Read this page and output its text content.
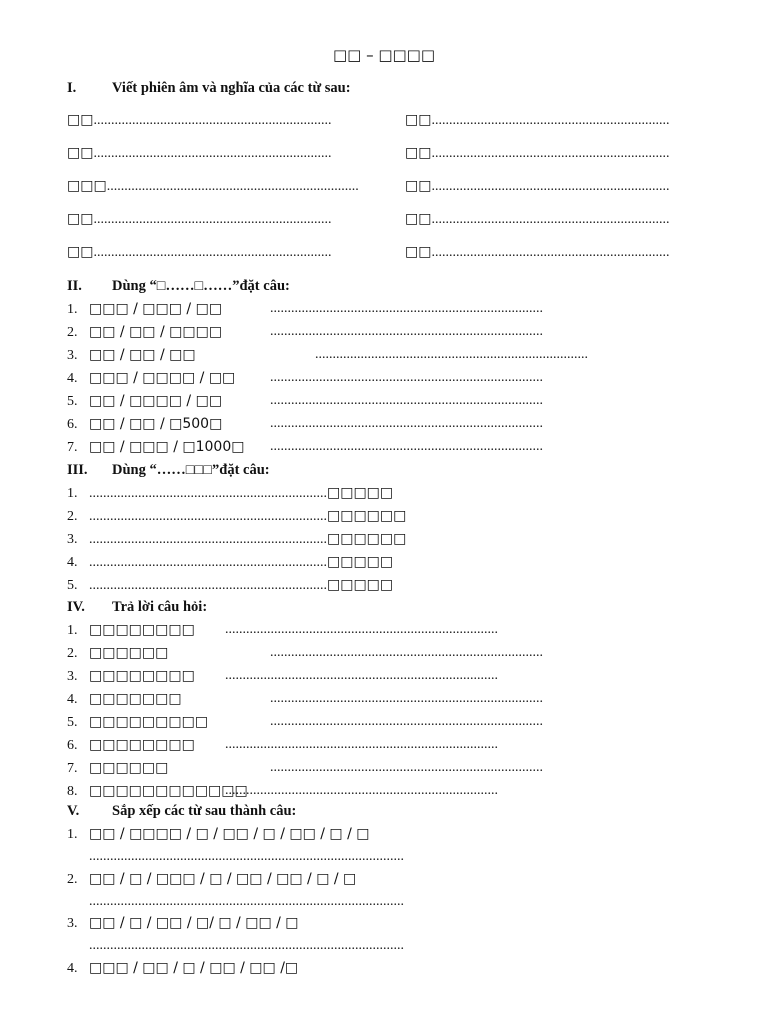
□□ – □□□□
I. Viết phiên âm và nghĩa của các từ sau:
□□....................................................................	□□....................................................................
□□....................................................................	□□....................................................................
□□□........................................................................	□□....................................................................
□□....................................................................	□□....................................................................
□□....................................................................	□□....................................................................
II. Dùng “□……□……”đặt câu:
1. □□□ / □□□ / □□	..............................................................................
2. □□ / □□ / □□□□	..............................................................................
3. □□ / □□ / □□	..............................................................................
4. □□□ / □□□□ / □□ ..............................................................................
5. □□ / □□□□ / □□	..............................................................................
6. □□ / □□ / □500□	..............................................................................
7. □□ / □□□ / □1000□ ..............................................................................
III. Dùng “……□□□”đặt câu:
1. ....................................................................□□□□□
2. ....................................................................□□□□□□
3. ....................................................................□□□□□□
4. ....................................................................□□□□□
5. ....................................................................□□□□□
IV. Trả lời câu hỏi:
1. □□□□□□□□ ..............................................................................
2. □□□□□□	..............................................................................
3. □□□□□□□□ ..............................................................................
4. □□□□□□□	..............................................................................
5. □□□□□□□□□	..............................................................................
6. □□□□□□□□ ..............................................................................
7. □□□□□□	..............................................................................
8. □□□□□□□□□□□□
..............................................................................
V. Sắp xếp các từ sau thành câu:
1. □□ / □□□□ / □ / □□ / □ / □□ / □ / □
..........................................................................................
2. □□ / □ / □□□ / □ / □□ / □□ / □ / □
..........................................................................................
3. □□ / □ / □□ / □/ □ / □□ / □
..........................................................................................
4. □□□ / □□ / □ / □□ / □□ /□
